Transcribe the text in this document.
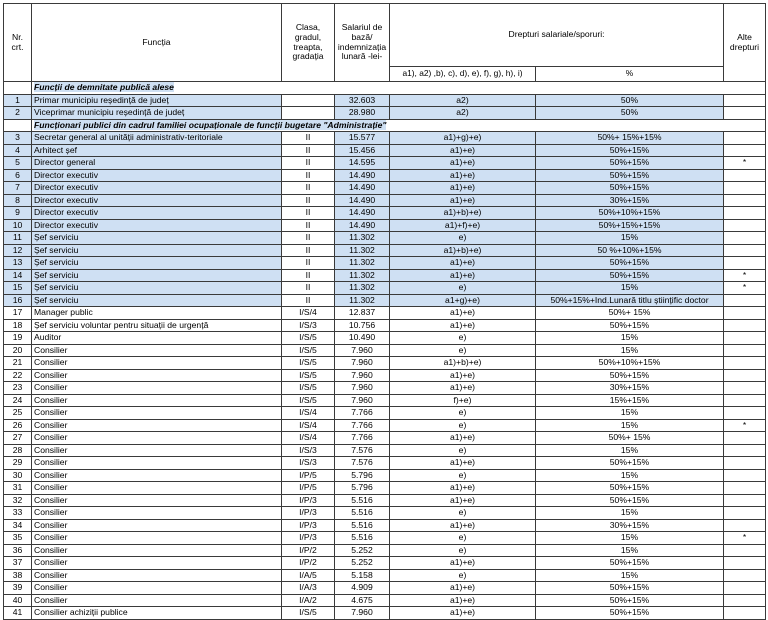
Nr. crt.	Funcția	Clasa, gradul, treapta, gradația	Salariul de bază/ indemnizația lunară -lei-	Drepturi salariale/sporuri:		Alte drepturi
				a1), a2) ,b), c), d), e), f), g), h), i)	%	
	Funcții de demnitate publică alese					
1	Primar municipiu reședință de județ		32.603	a2)	50%	
2	Viceprimar municipiu reședință de județ		28.980	a2)	50%	
	Funcționari publici din cadrul familiei ocupaționale de funcții bugetare "Administrație"					
3	Secretar general al unității administrativ-teritoriale	II	15.577	a1)+g)+e)	50%+ 15%+15%	
4	Arhitect șef	II	15.456	a1)+e)	50%+15%	
5	Director general	II	14.595	a1)+e)	50%+15%	*
6	Director executiv	II	14.490	a1)+e)	50%+15%	
7	Director executiv	II	14.490	a1)+e)	50%+15%	
8	Director executiv	II	14.490	a1)+e)	30%+15%	
9	Director executiv	II	14.490	a1)+b)+e)	50%+10%+15%	
10	Director executiv	II	14.490	a1)+f)+e)	50%+15%+15%	
11	Șef serviciu	II	11.302	e)	15%	
12	Șef serviciu	II	11.302	a1)+b)+e)	50 %+10%+15%	
13	Șef serviciu	II	11.302	a1)+e)	50%+15%	
14	Șef serviciu	II	11.302	a1)+e)	50%+15%	*
15	Șef serviciu	II	11.302	e)	15%	*
16	Șef serviciu	II	11.302	a1+g)+e)	50%+15%+Ind.Lunară titlu științific doctor	
17	Manager public	I/S/4	12.837	a1)+e)	50%+ 15%	
18	Șef serviciu voluntar pentru situații de urgență	I/S/3	10.756	a1)+e)	50%+15%	
19	Auditor	I/S/5	10.490	e)	15%	
20	Consilier	I/S/5	7.960	e)	15%	
21	Consilier	I/S/5	7.960	a1)+b)+e)	50%+10%+15%	
22	Consilier	I/S/5	7.960	a1)+e)	50%+15%	
23	Consilier	I/S/5	7.960	a1)+e)	30%+15%	
24	Consilier	I/S/5	7.960	f)+e)	15%+15%	
25	Consilier	I/S/4	7.766	e)	15%	
26	Consilier	I/S/4	7.766	e)	15%	*
27	Consilier	I/S/4	7.766	a1)+e)	50%+ 15%	
28	Consilier	I/S/3	7.576	e)	15%	
29	Consilier	I/S/3	7.576	a1)+e)	50%+15%	
30	Consilier	I/P/5	5.796	e)	15%	
31	Consilier	I/P/5	5.796	a1)+e)	50%+15%	
32	Consilier	I/P/3	5.516	a1)+e)	50%+15%	
33	Consilier	I/P/3	5.516	e)	15%	
34	Consilier	I/P/3	5.516	a1)+e)	30%+15%	
35	Consilier	I/P/3	5.516	e)	15%	*
36	Consilier	I/P/2	5.252	e)	15%	
37	Consilier	I/P/2	5.252	a1)+e)	50%+15%	
38	Consilier	I/A/5	5.158	e)	15%	
39	Consilier	I/A/3	4.909	a1)+e)	50%+15%	
40	Consilier	I/A/2	4.675	a1)+e)	50%+15%	
41	Consilier achiziții publice	I/S/5	7.960	a1)+e)	50%+15%	
